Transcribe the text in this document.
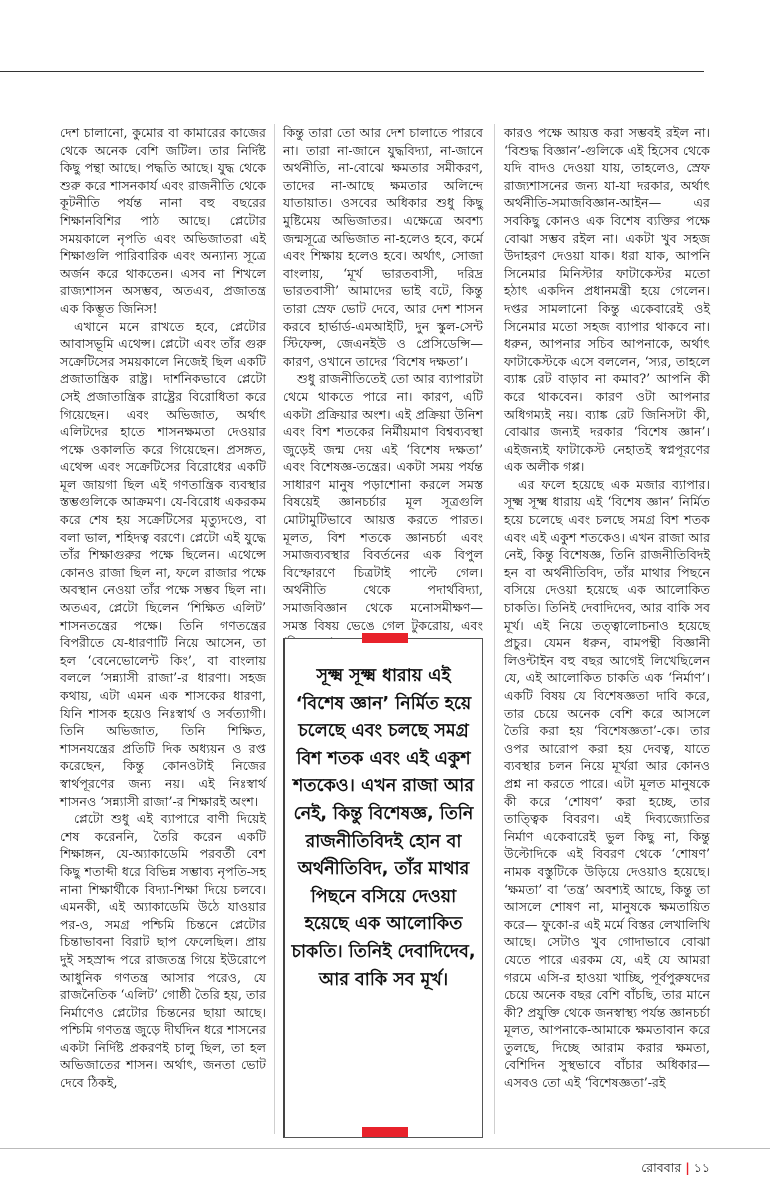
দেশ চালানো, কুমোর বা কামারের কাজের থেকে অনেক বেশি জটিল। তার নির্দিষ্ট কিছু পন্থা আছে। পদ্ধতি আছে। যুদ্ধ থেকে শুরু করে শাসনকার্য এবং রাজনীতি থেকে কূটনীতি পর্যন্ত নানা বহু বছরের শিক্ষানবিশির পাঠ আছে। প্লেটোর সময়কালে নৃপতি এবং অভিজাতরা এই শিক্ষাগুলি পারিবারিক এবং অন্যান্য সূত্রে অর্জন করে থাকতেন। এসব না শিখলে রাজ্যশাসন অসম্ভব, অতএব, প্রজাতন্ত্র এক কিম্ভূত জিনিস!

এখানে মনে রাখতে হবে, প্লেটোর আবাসভূমি এথেন্স। প্লেটো এবং তাঁর গুরু সক্রেটিসের সময়কালে নিজেই ছিল একটি প্রজাতান্ত্রিক রাষ্ট্র। দার্শনিকভাবে প্লেটো সেই প্রজাতান্ত্রিক রাষ্ট্রের বিরোধিতা করে গিয়েছেন। এবং অভিজাত, অর্থাৎ এলিটদের হাতে শাসনক্ষমতা দেওয়ার পক্ষে ওকালতি করে গিয়েছেন। প্রসঙ্গত, এথেন্স এবং সক্রেটিসের বিরোধের একটি মূল জায়গা ছিল এই গণতান্ত্রিক ব্যবস্থার স্তম্ভগুলিকে আক্রমণ। যে-বিরোধ একরকম করে শেষ হয় সক্রেটিসের মৃত্যুদণ্ডে, বা বলা ভাল, শহিদত্ব বরণে। প্লেটো এই যুদ্ধে তাঁর শিক্ষাগুরুর পক্ষে ছিলেন। এথেন্সে কোনও রাজা ছিল না, ফলে রাজার পক্ষে অবস্থান নেওয়া তাঁর পক্ষে সম্ভব ছিল না। অতএব, প্লেটো ছিলেন ‘শিক্ষিত এলিট’ শাসনতন্ত্রের পক্ষে। তিনি গণতন্ত্রের বিপরীতে যে-ধারণাটি নিয়ে আসেন, তা হল ‘বেনেভোলেন্ট কিং’, বা বাংলায় বললে ‘সন্ন্যাসী রাজা’-র ধারণা। সহজ কথায়, এটা এমন এক শাসকের ধারণা, যিনি শাসক হয়েও নিঃস্বার্থ ও সর্বত্যাগী। তিনি অভিজাত, তিনি শিক্ষিত, শাসনযন্ত্রের প্রতিটি দিক অধ্যয়ন ও রপ্ত করেছেন, কিন্তু কোনওটাই নিজের স্বার্থপূরণের জন্য নয়। এই নিঃস্বার্থ শাসনও ‘সন্ন্যাসী রাজা’-র শিক্ষারই অংশ।

প্লেটো শুধু এই ব্যাপারে বাণী দিয়েই শেষ করেননি, তৈরি করেন একটি শিক্ষাঙ্গন, যে-অ্যাকাডেমি পরবর্তী বেশ কিছু শতাব্দী ধরে বিভিন্ন সম্ভাব্য নৃপতি-সহ নানা শিক্ষার্থীকে বিদ্যা-শিক্ষা দিয়ে চলবে। এমনকী, এই অ্যাকাডেমি উঠে যাওয়ার পর-ও, সমগ্র পশ্চিমি চিন্তনে প্লেটোর চিন্তাভাবনা বিরাট ছাপ ফেলেছিল। প্রায় দুই সহস্রাব্দ পরে রাজতন্ত্র গিয়ে ইউরোপে আধুনিক গণতন্ত্র আসার পরেও, যে রাজনৈতিক ‘এলিট’ গোষ্ঠী তৈরি হয়, তার নির্মাণেও প্লেটোর চিন্তনের ছায়া আছে। পশ্চিমি গণতন্ত্র জুড়ে দীর্ঘদিন ধরে শাসনের একটা নির্দিষ্ট প্রকরণই চালু ছিল, তা হল অভিজাতের শাসন। অর্থাৎ, জনতা ভোট দেবে ঠিকই,

কিন্তু তারা তো আর দেশ চালাতে পারবে না। তারা না-জানে যুদ্ধবিদ্যা, না-জানে অর্থনীতি, না-বোঝে ক্ষমতার সমীকরণ, তাদের না-আছে ক্ষমতার অলিন্দে যাতায়াত। ওসবের অধিকার শুধু কিছু মুষ্টিমেয় অভিজাতর। এক্ষেত্রে অবশ্য জন্মসূত্রে অভিজাত না-হলেও হবে, কর্মে এবং শিক্ষায় হলেও হবে। অর্থাৎ, সোজা বাংলায়, ‘মূর্খ ভারতবাসী, দরিদ্র ভারতবাসী’ আমাদের ভাই বটে, কিন্তু তারা স্রেফ ভোট দেবে, আর দেশ শাসন করবে হার্ভার্ড-এমআইটি, দুন স্কুল-সেন্ট স্টিফেন্স, জেএনইউ ও প্রেসিডেন্সি— কারণ, ওখানে তাদের ‘বিশেষ দক্ষতা’।

শুধু রাজনীতিতেই তো আর ব্যাপারটা থেমে থাকতে পারে না। কারণ, এটি একটা প্রক্রিয়ার অংশ। এই প্রক্রিয়া উনিশ এবং বিশ শতকের নির্মীয়মাণ বিশ্বব্যবস্থা জুড়েই জন্ম দেয় এই ‘বিশেষ দক্ষতা’ এবং বিশেষজ্ঞ-তন্ত্রের। একটা সময় পর্যন্ত সাধারণ মানুষ পড়াশোনা করলে সমস্ত বিষয়েই জ্ঞানচর্চার মূল সূত্রগুলি মোটামুটিভাবে আয়ত্ত করতে পারত। মূলত, বিশ শতকে জ্ঞানচর্চা এবং সমাজব্যবস্থার বিবর্তনের এক বিপুল বিস্ফোরণে চিত্রটাই পাল্টে গেল। অর্থনীতি থেকে পদার্থবিদ্যা, সমাজবিজ্ঞান থেকে মনোসমীক্ষণ— সমস্ত বিষয় ভেঙে গেল টুকরোয়, এবং

সূক্ষ্ম সূক্ষ্ম ধারায় এই ‘বিশেষ জ্ঞান’ নির্মিত হয়ে চলেছে এবং চলছে সমগ্র বিশ শতক এবং এই একুশ শতকেও। এখন রাজা আর নেই, কিন্তু বিশেষজ্ঞ, তিনি রাজনীতিবিদই হোন বা অর্থনীতিবিদ, তাঁর মাথার পিছনে বসিয়ে দেওয়া হয়েছে এক আলোকিত চাকতি। তিনিই দেবাদিদেব, আর বাকি সব মূর্খ।

কারও পক্ষে আয়ত্ত করা সম্ভবই রইল না। ‘বিশুদ্ধ বিজ্ঞান’-গুলিকে এই হিসেব থেকে যদি বাদও দেওয়া যায়, তাহলেও, স্রেফ রাজ্যশাসনের জন্য যা-যা দরকার, অর্থাৎ অর্থনীতি-সমাজবিজ্ঞান-আইন— এর সবকিছু কোনও এক বিশেষ ব্যক্তির পক্ষে বোঝা সম্ভব রইল না। একটা খুব সহজ উদাহরণ দেওয়া যাক। ধরা যাক, আপনি সিনেমার মিনিস্টার ফাটাকেস্টর মতো হঠাৎ একদিন প্রধানমন্ত্রী হয়ে গেলেন। দপ্তর সামলানো কিন্তু একেবারেই ওই সিনেমার মতো সহজ ব্যাপার থাকবে না। ধরুন, আপনার সচিব আপনাকে, অর্থাৎ ফাটাকেস্টকে এসে বললেন, ‘স্যর, তাহলে ব্যাঙ্ক রেট বাড়াব না কমাব?’ আপনি কী করে থাকবেন। কারণ ওটা আপনার অধিগম্যই নয়। ব্যাঙ্ক রেট জিনিসটা কী, বোঝার জন্যই দরকার ‘বিশেষ জ্ঞান’। এইজন্যই ফাটাকেস্ট নেহাতই স্বপ্নপূরণের এক অলীক গপ্প।

এর ফলে হয়েছে এক মজার ব্যাপার। সূক্ষ্ম সূক্ষ্ম ধারায় এই ‘বিশেষ জ্ঞান’ নির্মিত হয়ে চলেছে এবং চলছে সমগ্র বিশ শতক এবং এই একুশ শতকেও। এখন রাজা আর নেই, কিন্তু বিশেষজ্ঞ, তিনি রাজনীতিবিদই হন বা অর্থনীতিবিদ, তাঁর মাথার পিছনে বসিয়ে দেওয়া হয়েছে এক আলোকিত চাকতি। তিনিই দেবাদিদেব, আর বাকি সব মূর্খ। এই নিয়ে তত্ত্বালোচনাও হয়েছে প্রচুর। যেমন ধরুন, বামপন্থী বিজ্ঞানী লিওন্টাইন বহু বছর আগেই লিখেছিলেন যে, এই আলোকিত চাকতি এক ‘নির্মাণ’। একটি বিষয় যে বিশেষজ্ঞতা দাবি করে, তার চেয়ে অনেক বেশি করে আসলে তৈরি করা হয় ‘বিশেষজ্ঞতা’-কে। তার ওপর আরোপ করা হয় দেবত্ব, যাতে ব্যবস্থার চলন নিয়ে মূর্খরা আর কোনও প্রশ্ন না করতে পারে। এটা মূলত মানুষকে কী করে ‘শোষণ’ করা হচ্ছে, তার তাত্ত্বিক বিবরণ। এই দিব্যজ্যোতির নির্মাণ একেবারেই ভুল কিছু না, কিন্তু উল্টোদিকে এই বিবরণ থেকে ‘শোষণ’ নামক বস্তুটিকে উড়িয়ে দেওয়াও হয়েছে। ‘ক্ষমতা’ বা ‘তন্ত্র’ অবশ্যই আছে, কিন্তু তা আসলে শোষণ না, মানুষকে ক্ষমতায়িত করে— ফুকো-র এই মর্মে বিস্তর লেখালিখি আছে। সেটাও খুব গোদাভাবে বোঝা যেতে পারে এরকম যে, এই যে আমরা গরমে এসি-র হাওয়া খাচ্ছি, পূর্বপুরুষদের চেয়ে অনেক বছর বেশি বাঁচছি, তার মানে কী? প্রযুক্তি থেকে জনস্বাস্থ্য পর্যন্ত জ্ঞানচর্চা মূলত, আপনাকে-আমাকে ক্ষমতাবান করে তুলছে, দিচ্ছে আরাম করার ক্ষমতা, বেশিদিন সুস্থভাবে বাঁচার অধিকার— এসবও তো এই ‘বিশেষজ্ঞতা’-রই

রোববার | ১১
